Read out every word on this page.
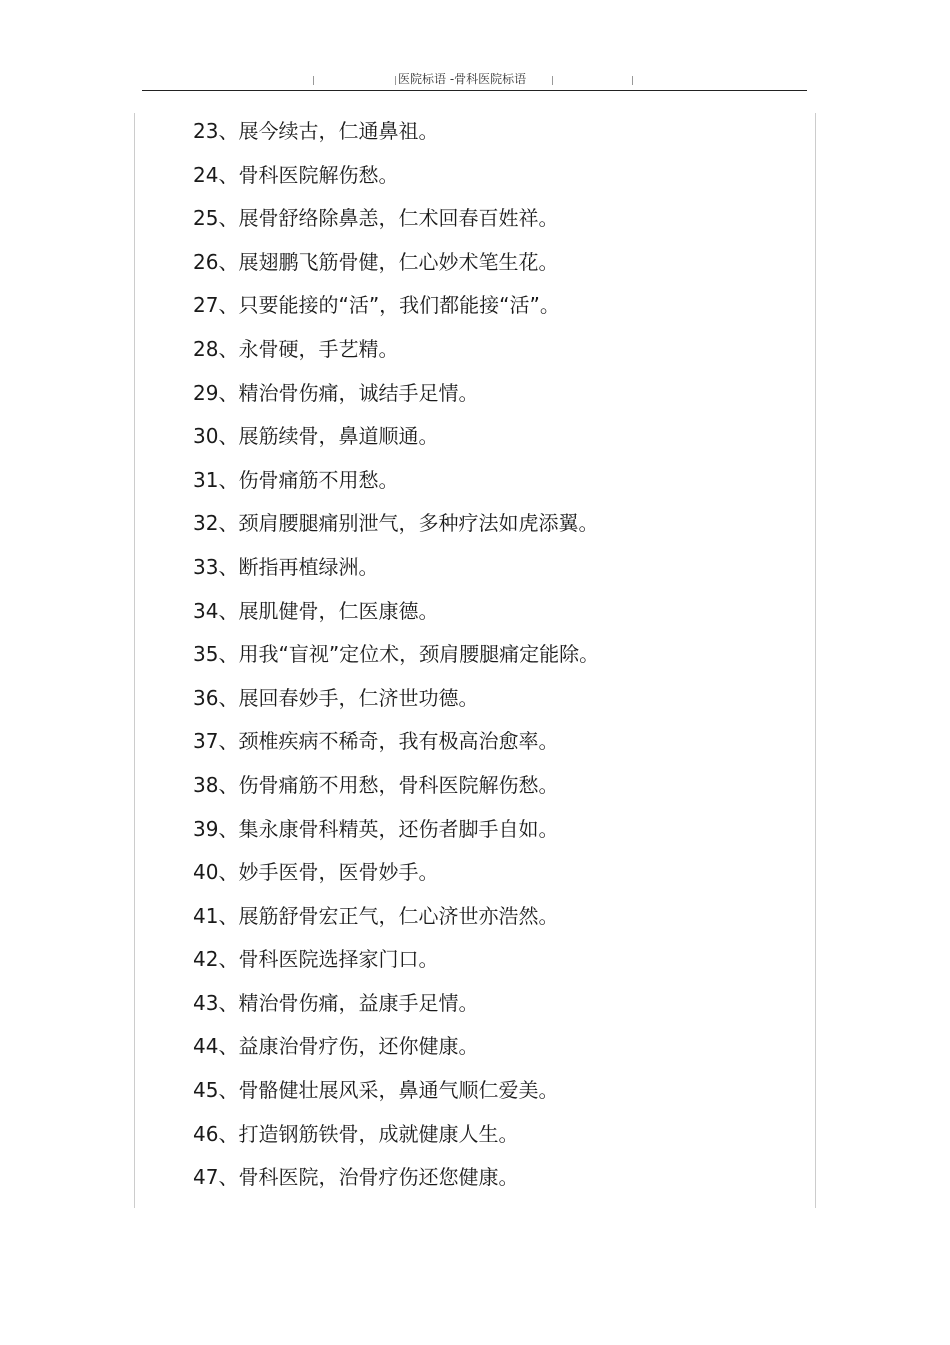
医院标语 -骨科医院标语
23、展今续古，仁通鼻祖。
24、骨科医院解伤愁。
25、展骨舒络除鼻恙，仁术回春百姓祥。
26、展翅鹏飞筋骨健，仁心妙术笔生花。
27、只要能接的“活”，我们都能接“活”。
28、永骨硬，手艺精。
29、精治骨伤痛，诚结手足情。
30、展筋续骨，鼻道顺通。
31、伤骨痛筋不用愁。
32、颈肩腰腿痛别泄气，多种疗法如虎添翼。
33、断指再植绿洲。
34、展肌健骨，仁医康德。
35、用我“盲视”定位术，颈肩腰腿痛定能除。
36、展回春妙手，仁济世功德。
37、颈椎疾病不稀奇，我有极高治愈率。
38、伤骨痛筋不用愁，骨科医院解伤愁。
39、集永康骨科精英，还伤者脚手自如。
40、妙手医骨，医骨妙手。
41、展筋舒骨宏正气，仁心济世亦浩然。
42、骨科医院选择家门口。
43、精治骨伤痛，益康手足情。
44、益康治骨疗伤，还你健康。
45、骨骼健壮展风采，鼻通气顺仁爱美。
46、打造钢筋铁骨，成就健康人生。
47、骨科医院，治骨疗伤还您健康。
